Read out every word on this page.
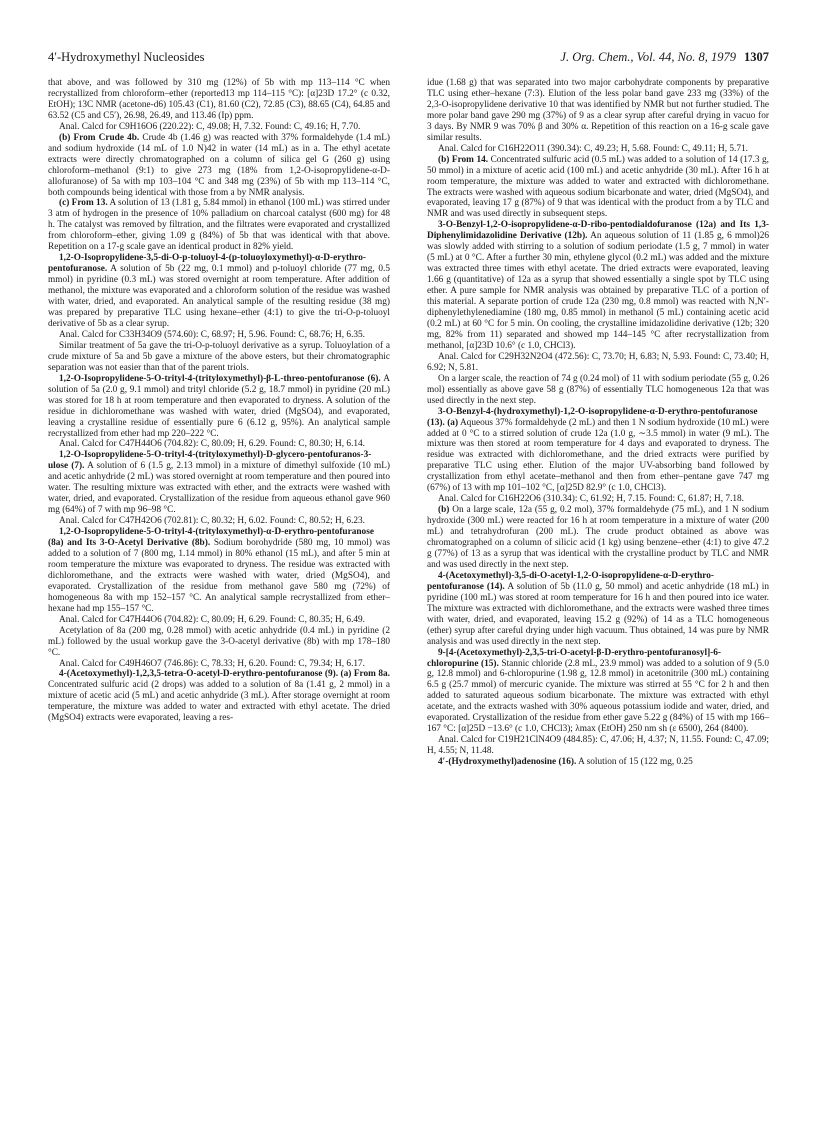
4′-Hydroxymethyl Nucleosides	J. Org. Chem., Vol. 44, No. 8, 1979 1307

that above, and was followed by 310 mg (12%) of 5b with mp 113–114 °C when recrystallized from chloroform–ether (reported13 mp 114–115 °C): [α]23D 17.2° (c 0.32, EtOH); 13C NMR (acetone-d6) 105.43 (C1), 81.60 (C2), 72.85 (C3), 88.65 (C4), 64.85 and 63.52 (C5 and C5′), 26.98, 26.49, and 113.46 (Ip) ppm.

Anal. Calcd for C9H16O6 (220.22): C, 49.08; H, 7.32. Found: C, 49.16; H, 7.70.

(b) From Crude 4b. Crude 4b (1.46 g) was reacted with 37% formaldehyde (1.4 mL) and sodium hydroxide (14 mL of 1.0 N)42 in water (14 mL) as in a. The ethyl acetate extracts were directly chromatographed on a column of silica gel G (260 g) using chloroform–methanol (9:1) to give 273 mg (18% from 1,2-O-isopropylidene-α-D-allofuranose) of 5a with mp 103–104 °C and 348 mg (23%) of 5b with mp 113–114 °C, both compounds being identical with those from a by NMR analysis.

(c) From 13. A solution of 13 (1.81 g, 5.84 mmol) in ethanol (100 mL) was stirred under 3 atm of hydrogen in the presence of 10% palladium on charcoal catalyst (600 mg) for 48 h. The catalyst was removed by filtration, and the filtrates were evaporated and crystallized from chloroform–ether, giving 1.09 g (84%) of 5b that was identical with that above. Repetition on a 17-g scale gave an identical product in 82% yield.

1,2-O-Isopropylidene-3,5-di-O-p-toluoyl-4-(p-toluoyloxymethyl)-α-D-erythro-pentofuranose. A solution of 5b (22 mg, 0.1 mmol) and p-toluoyl chloride (77 mg, 0.5 mmol) in pyridine (0.3 mL) was stored overnight at room temperature. After addition of methanol, the mixture was evaporated and a chloroform solution of the residue was washed with water, dried, and evaporated. An analytical sample of the resulting residue (38 mg) was prepared by preparative TLC using hexane–ether (4:1) to give the tri-O-p-toluoyl derivative of 5b as a clear syrup.

Anal. Calcd for C33H34O9 (574.60): C, 68.97; H, 5.96. Found: C, 68.76; H, 6.35.

Similar treatment of 5a gave the tri-O-p-toluoyl derivative as a syrup. Toluoylation of a crude mixture of 5a and 5b gave a mixture of the above esters, but their chromatographic separation was not easier than that of the parent triols.

1,2-O-Isopropylidene-5-O-trityl-4-(trityloxymethyl)-β-L-threo-pentofuranose (6). A solution of 5a (2.0 g, 9.1 mmol) and trityl chloride (5.2 g, 18.7 mmol) in pyridine (20 mL) was stored for 18 h at room temperature and then evaporated to dryness. A solution of the residue in dichloromethane was washed with water, dried (MgSO4), and evaporated, leaving a crystalline residue of essentially pure 6 (6.12 g, 95%). An analytical sample recrystallized from ether had mp 220–222 °C.

Anal. Calcd for C47H44O6 (704.82): C, 80.09; H, 6.29. Found: C, 80.30; H, 6.14.

1,2-O-Isopropylidene-5-O-trityl-4-(trityloxymethyl)-D-glycero-pentofuranos-3-ulose (7). A solution of 6 (1.5 g, 2.13 mmol) in a mixture of dimethyl sulfoxide (10 mL) and acetic anhydride (2 mL) was stored overnight at room temperature and then poured into water. The resulting mixture was extracted with ether, and the extracts were washed with water, dried, and evaporated. Crystallization of the residue from aqueous ethanol gave 960 mg (64%) of 7 with mp 96–98 °C.

Anal. Calcd for C47H42O6 (702.81): C, 80.32; H, 6.02. Found: C, 80.52; H, 6.23.

1,2-O-Isopropylidene-5-O-trityl-4-(trityloxymethyl)-α-D-erythro-pentofuranose (8a) and Its 3-O-Acetyl Derivative (8b). Sodium borohydride (580 mg, 10 mmol) was added to a solution of 7 (800 mg, 1.14 mmol) in 80% ethanol (15 mL), and after 5 min at room temperature the mixture was evaporated to dryness. The residue was extracted with dichloromethane, and the extracts were washed with water, dried (MgSO4), and evaporated. Crystallization of the residue from methanol gave 580 mg (72%) of homogeneous 8a with mp 152–157 °C. An analytical sample recrystallized from ether–hexane had mp 155–157 °C.

Anal. Calcd for C47H44O6 (704.82): C, 80.09; H, 6.29. Found: C, 80.35; H, 6.49.

Acetylation of 8a (200 mg, 0.28 mmol) with acetic anhydride (0.4 mL) in pyridine (2 mL) followed by the usual workup gave the 3-O-acetyl derivative (8b) with mp 178–180 °C.

Anal. Calcd for C49H46O7 (746.86): C, 78.33; H, 6.20. Found: C, 79.34; H, 6.17.

4-(Acetoxymethyl)-1,2,3,5-tetra-O-acetyl-D-erythro-pentofuranose (9). (a) From 8a. Concentrated sulfuric acid (2 drops) was added to a solution of 8a (1.41 g, 2 mmol) in a mixture of acetic acid (5 mL) and acetic anhydride (3 mL). After storage overnight at room temperature, the mixture was added to water and extracted with ethyl acetate. The dried (MgSO4) extracts were evaporated, leaving a res-

idue (1.68 g) that was separated into two major carbohydrate components by preparative TLC using ether–hexane (7:3). Elution of the less polar band gave 233 mg (33%) of the 2,3-O-isopropylidene derivative 10 that was identified by NMR but not further studied. The more polar band gave 290 mg (37%) of 9 as a clear syrup after careful drying in vacuo for 3 days. By NMR 9 was 70% β and 30% α. Repetition of this reaction on a 16-g scale gave similar results.

Anal. Calcd for C16H22O11 (390.34): C, 49.23; H, 5.68. Found: C, 49.11; H, 5.71.

(b) From 14. Concentrated sulfuric acid (0.5 mL) was added to a solution of 14 (17.3 g, 50 mmol) in a mixture of acetic acid (100 mL) and acetic anhydride (30 mL). After 16 h at room temperature, the mixture was added to water and extracted with dichloromethane. The extracts were washed with aqueous sodium bicarbonate and water, dried (MgSO4), and evaporated, leaving 17 g (87%) of 9 that was identical with the product from a by TLC and NMR and was used directly in subsequent steps.

3-O-Benzyl-1,2-O-isopropylidene-α-D-ribo-pentodialdofuranose (12a) and Its 1,3-Diphenylimidazolidine Derivative (12b). An aqueous solution of 11 (1.85 g, 6 mmol)26 was slowly added with stirring to a solution of sodium periodate (1.5 g, 7 mmol) in water (5 mL) at 0 °C. After a further 30 min, ethylene glycol (0.2 mL) was added and the mixture was extracted three times with ethyl acetate. The dried extracts were evaporated, leaving 1.66 g (quantitative) of 12a as a syrup that showed essentially a single spot by TLC using ether. A pure sample for NMR analysis was obtained by preparative TLC of a portion of this material. A separate portion of crude 12a (230 mg, 0.8 mmol) was reacted with N,N′-diphenylethylenediamine (180 mg, 0.85 mmol) in methanol (5 mL) containing acetic acid (0.2 mL) at 60 °C for 5 min. On cooling, the crystalline imidazolidine derivative (12b; 320 mg, 82% from 11) separated and showed mp 144–145 °C after recrystallization from methanol, [α]23D 10.6° (c 1.0, CHCl3).

Anal. Calcd for C29H32N2O4 (472.56): C, 73.70; H, 6.83; N, 5.93. Found: C, 73.40; H, 6.92; N, 5.81.

On a larger scale, the reaction of 74 g (0.24 mol) of 11 with sodium periodate (55 g, 0.26 mol) essentially as above gave 58 g (87%) of essentially TLC homogeneous 12a that was used directly in the next step.

3-O-Benzyl-4-(hydroxymethyl)-1,2-O-isopropylidene-α-D-erythro-pentofuranose (13). (a) Aqueous 37% formaldehyde (2 mL) and then 1 N sodium hydroxide (10 mL) were added at 0 °C to a stirred solution of crude 12a (1.0 g, ∼3.5 mmol) in water (9 mL). The mixture was then stored at room temperature for 4 days and evaporated to dryness. The residue was extracted with dichloromethane, and the dried extracts were purified by preparative TLC using ether. Elution of the major UV-absorbing band followed by crystallization from ethyl acetate–methanol and then from ether–pentane gave 747 mg (67%) of 13 with mp 101–102 °C, [α]25D 82.9° (c 1.0, CHCl3).

Anal. Calcd for C16H22O6 (310.34): C, 61.92; H, 7.15. Found: C, 61.87; H, 7.18.

(b) On a large scale, 12a (55 g, 0.2 mol), 37% formaldehyde (75 mL), and 1 N sodium hydroxide (300 mL) were reacted for 16 h at room temperature in a mixture of water (200 mL) and tetrahydrofuran (200 mL). The crude product obtained as above was chromatographed on a column of silicic acid (1 kg) using benzene–ether (4:1) to give 47.2 g (77%) of 13 as a syrup that was identical with the crystalline product by TLC and NMR and was used directly in the next step.

4-(Acetoxymethyl)-3,5-di-O-acetyl-1,2-O-isopropylidene-α-D-erythro-pentofuranose (14). A solution of 5b (11.0 g, 50 mmol) and acetic anhydride (18 mL) in pyridine (100 mL) was stored at room temperature for 16 h and then poured into ice water. The mixture was extracted with dichloromethane, and the extracts were washed three times with water, dried, and evaporated, leaving 15.2 g (92%) of 14 as a TLC homogeneous (ether) syrup after careful drying under high vacuum. Thus obtained, 14 was pure by NMR analysis and was used directly in the next step.

9-[4-(Acetoxymethyl)-2,3,5-tri-O-acetyl-β-D-erythro-pentofuranosyl]-6-chloropurine (15). Stannic chloride (2.8 mL, 23.9 mmol) was added to a solution of 9 (5.0 g, 12.8 mmol) and 6-chloropurine (1.98 g, 12.8 mmol) in acetonitrile (300 mL) containing 6.5 g (25.7 mmol) of mercuric cyanide. The mixture was stirred at 55 °C for 2 h and then added to saturated aqueous sodium bicarbonate. The mixture was extracted with ethyl acetate, and the extracts washed with 30% aqueous potassium iodide and water, dried, and evaporated. Crystallization of the residue from ether gave 5.22 g (84%) of 15 with mp 166–167 °C: [α]25D −13.6° (c 1.0, CHCl3); λmax (EtOH) 250 nm sh (ε 6500), 264 (8400).

Anal. Calcd for C19H21ClN4O9 (484.85): C, 47.06; H, 4.37; N, 11.55. Found: C, 47.09; H, 4.55; N, 11.48.

4′-(Hydroxymethyl)adenosine (16). A solution of 15 (122 mg, 0.25
